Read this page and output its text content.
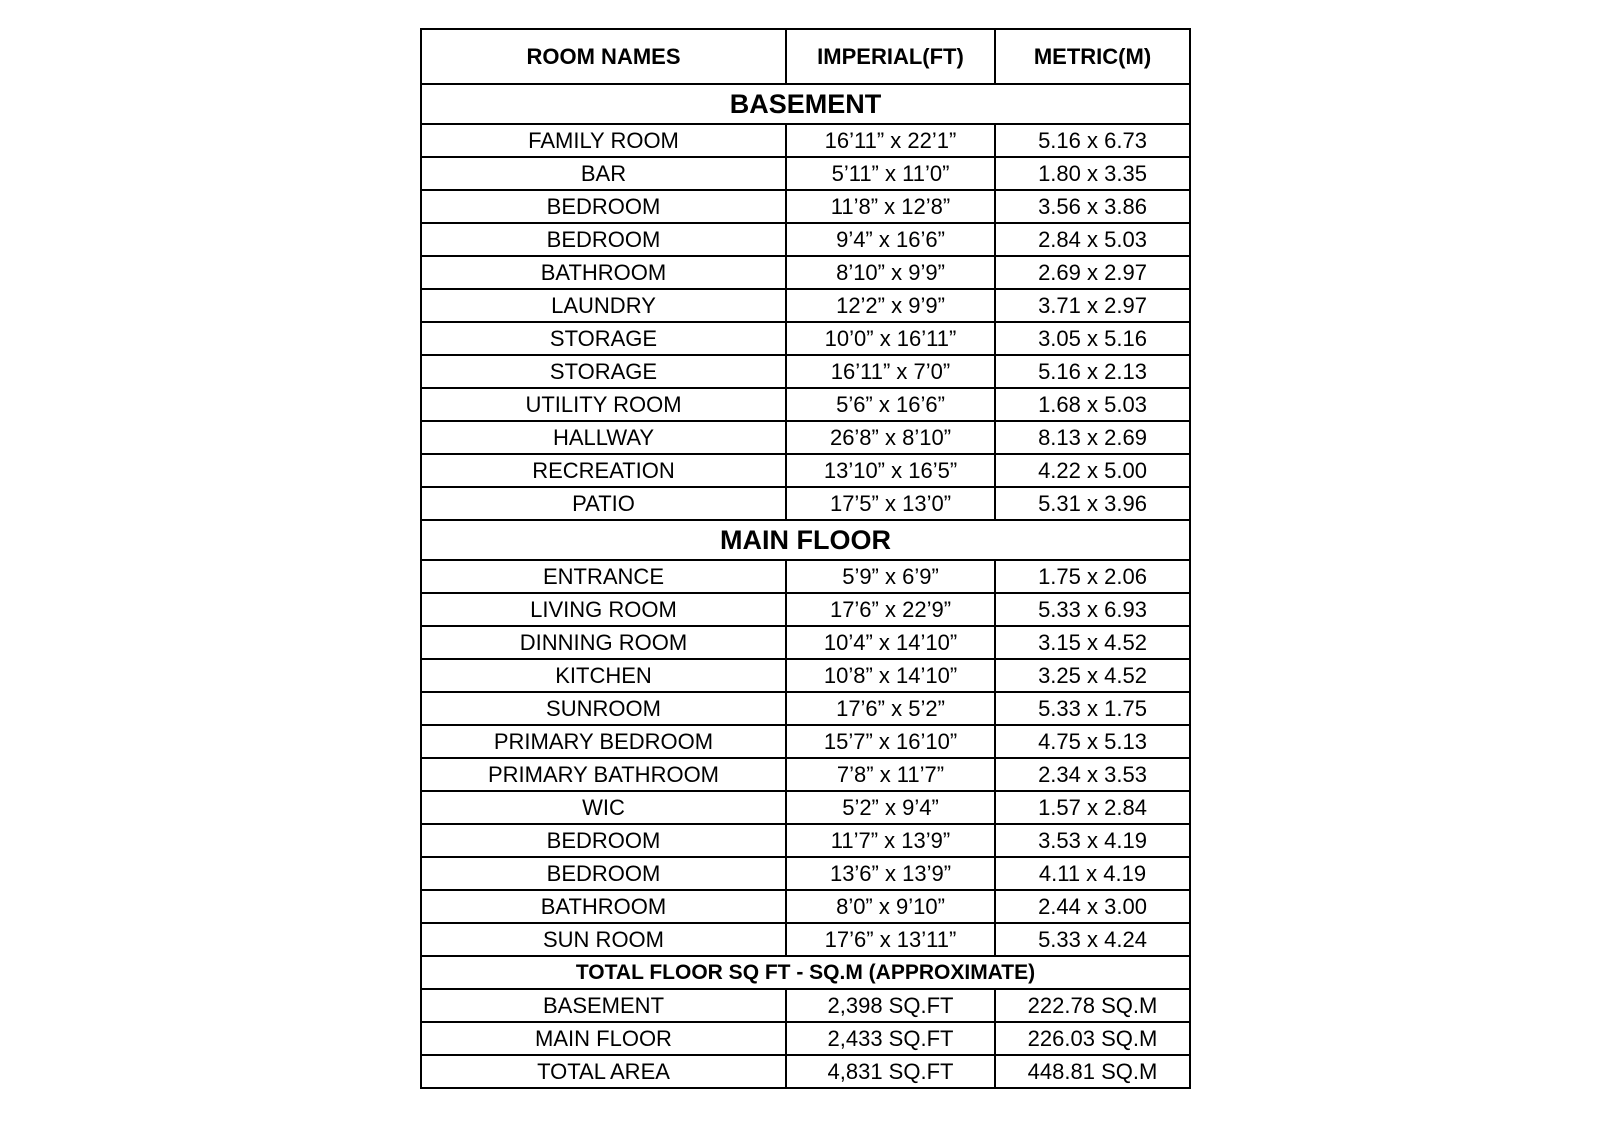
ROOM NAMES	IMPERIAL(FT)	METRIC(M)
BASEMENT		
FAMILY ROOM	16’11” x 22’1”	5.16 x 6.73
BAR	5’11” x 11’0”	1.80 x 3.35
BEDROOM	11’8” x 12’8”	3.56 x 3.86
BEDROOM	9’4” x 16’6”	2.84 x 5.03
BATHROOM	8’10” x 9’9”	2.69 x 2.97
LAUNDRY	12’2” x 9’9”	3.71 x 2.97
STORAGE	10’0” x 16’11”	3.05 x 5.16
STORAGE	16’11” x 7’0”	5.16 x 2.13
UTILITY ROOM	5’6” x 16’6”	1.68 x 5.03
HALLWAY	26’8” x 8’10”	8.13 x 2.69
RECREATION	13’10” x 16’5”	4.22 x 5.00
PATIO	17’5” x 13’0”	5.31 x 3.96
MAIN FLOOR		
ENTRANCE	5’9” x 6’9”	1.75 x 2.06
LIVING ROOM	17’6” x 22’9”	5.33 x 6.93
DINNING ROOM	10’4” x 14’10”	3.15 x 4.52
KITCHEN	10’8” x 14’10”	3.25 x 4.52
SUNROOM	17’6” x 5’2”	5.33 x 1.75
PRIMARY BEDROOM	15’7” x 16’10”	4.75 x 5.13
PRIMARY BATHROOM	7’8” x 11’7”	2.34 x 3.53
WIC	5’2” x 9’4”	1.57 x 2.84
BEDROOM	11’7” x 13’9”	3.53 x 4.19
BEDROOM	13’6” x 13’9”	4.11 x 4.19
BATHROOM	8’0” x 9’10”	2.44 x 3.00
SUN ROOM	17’6” x 13’11”	5.33 x 4.24
TOTAL FLOOR SQ FT - SQ.M (APPROXIMATE)		
BASEMENT	2,398 SQ.FT	222.78 SQ.M
MAIN FLOOR	2,433 SQ.FT	226.03 SQ.M
TOTAL AREA	4,831 SQ.FT	448.81 SQ.M
